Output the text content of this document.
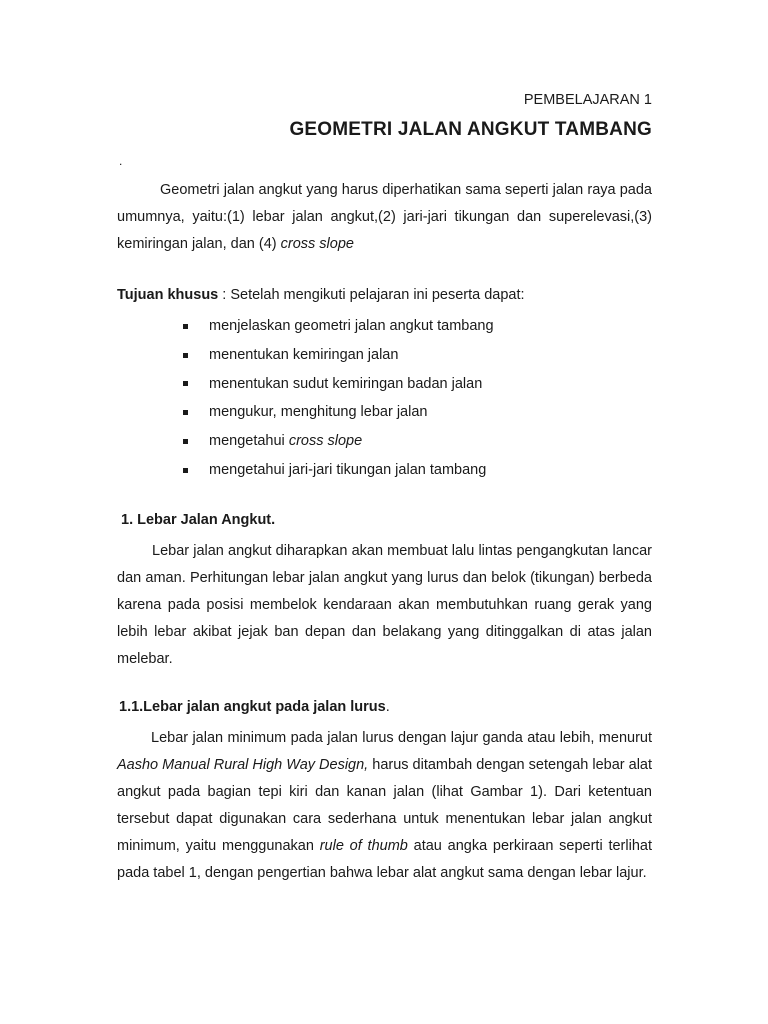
PEMBELAJARAN 1
GEOMETRI JALAN ANGKUT TAMBANG
.
Geometri jalan angkut yang harus diperhatikan sama seperti jalan raya pada umumnya, yaitu:(1) lebar jalan angkut,(2) jari-jari tikungan dan superelevasi,(3) kemiringan jalan, dan (4) cross slope
Tujuan khusus : Setelah mengikuti pelajaran ini peserta dapat:
menjelaskan geometri jalan angkut tambang
menentukan kemiringan jalan
menentukan sudut kemiringan badan jalan
mengukur, menghitung lebar jalan
mengetahui cross slope
mengetahui jari-jari tikungan jalan tambang
1. Lebar Jalan Angkut.
Lebar jalan angkut diharapkan akan membuat lalu lintas pengangkutan lancar dan aman. Perhitungan lebar jalan angkut yang lurus dan belok (tikungan) berbeda karena pada posisi membelok kendaraan akan membutuhkan ruang gerak yang lebih lebar akibat jejak ban depan dan belakang yang ditinggalkan di atas jalan melebar.
1.1.Lebar jalan angkut pada jalan lurus.
Lebar jalan minimum pada jalan lurus dengan lajur ganda atau lebih, menurut Aasho Manual Rural High Way Design, harus ditambah dengan setengah lebar alat angkut pada bagian tepi kiri dan kanan jalan (lihat Gambar 1). Dari ketentuan tersebut dapat digunakan cara sederhana untuk menentukan lebar jalan angkut minimum, yaitu menggunakan rule of thumb atau angka perkiraan seperti terlihat pada tabel 1, dengan pengertian bahwa lebar alat angkut sama dengan lebar lajur.
